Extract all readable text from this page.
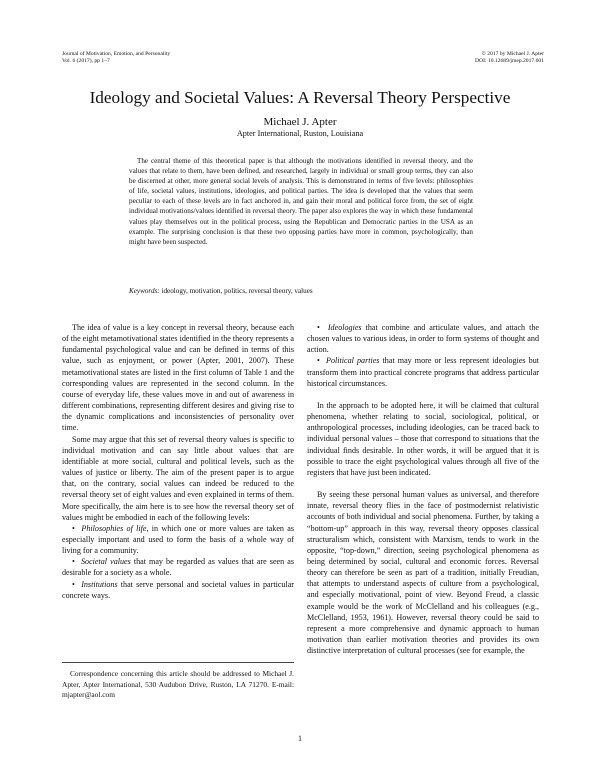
Journal of Motivation, Emotion, and Personality
Vol. 6 (2017), pp 1–7
© 2017 by Michael J. Apter
DOI: 10.12689/jmep.2017.601
Ideology and Societal Values: A Reversal Theory Perspective
Michael J. Apter
Apter International, Ruston, Louisiana

The central theme of this theoretical paper is that although the motivations identified in reversal theory, and the values that relate to them, have been defined, and researched, largely in individual or small group terms, they can also be discerned at other, more general social levels of analysis. This is demonstrated in terms of five levels: philosophies of life, societal values, institutions, ideologies, and political parties. The idea is developed that the values that seem peculiar to each of these levels are in fact anchored in, and gain their moral and political force from, the set of eight individual motivations/values identified in reversal theory. The paper also explores the way in which these fundamental values play themselves out in the political process, using the Republican and Democratic parties in the USA as an example. The surprising conclusion is that these two opposing parties have more in common, psychologically, than might have been suspected.

Keywords: ideology, motivation, politics, reversal theory, values

The idea of value is a key concept in reversal theory, because each of the eight metamotivational states identified in the theory represents a fundamental psychological value and can be defined in terms of this value, such as enjoyment, or power (Apter, 2001, 2007). These metamotivational states are listed in the first column of Table 1 and the corresponding values are represented in the second column. In the course of everyday life, these values move in and out of awareness in different combinations, representing different desires and giving rise to the dynamic complications and inconsistencies of personality over time.

Some may argue that this set of reversal theory values is specific to individual motivation and can say little about values that are identifiable at more social, cultural and political levels, such as the values of justice or liberty. The aim of the present paper is to argue that, on the contrary, social values can indeed be reduced to the reversal theory set of eight values and even explained in terms of them. More specifically, the aim here is to see how the reversal theory set of values might be embodied in each of the following levels:

• Philosophies of life, in which one or more values are taken as especially important and used to form the basis of a whole way of living for a community.

• Societal values that may be regarded as values that are seen as desirable for a society as a whole.

• Institutions that serve personal and societal values in particular concrete ways.

• Ideologies that combine and articulate values, and attach the chosen values to various ideas, in order to form systems of thought and action.

• Political parties that may more or less represent ideologies but transform them into practical concrete programs that address particular historical circumstances.

In the approach to be adopted here, it will be claimed that cultural phenomena, whether relating to social, sociological, political, or anthropological processes, including ideologies, can be traced back to individual personal values – those that correspond to situations that the individual finds desirable. In other words, it will be argued that it is possible to trace the eight psychological values through all five of the registers that have just been indicated.

By seeing these personal human values as universal, and therefore innate, reversal theory flies in the face of postmodernist relativistic accounts of both individual and social phenomena. Further, by taking a “bottom-up” approach in this way, reversal theory opposes classical structuralism which, consistent with Marxism, tends to work in the opposite, “top-down,” direction, seeing psychological phenomena as being determined by social, cultural and economic forces. Reversal theory can therefore be seen as part of a tradition, initially Freudian, that attempts to understand aspects of culture from a psychological, and especially motivational, point of view. Beyond Freud, a classic example would be the work of McClelland and his colleagues (e.g., McClelland, 1953, 1961). However, reversal theory could be said to represent a more comprehensive and dynamic approach to human motivation than earlier motivation theories and provides its own distinctive interpretation of cultural processes (see for example, the

Correspondence concerning this article should be addressed to Michael J. Apter, Apter International, 530 Audubon Drive, Ruston, LA 71270. E-mail: mjapter@aol.com

1
